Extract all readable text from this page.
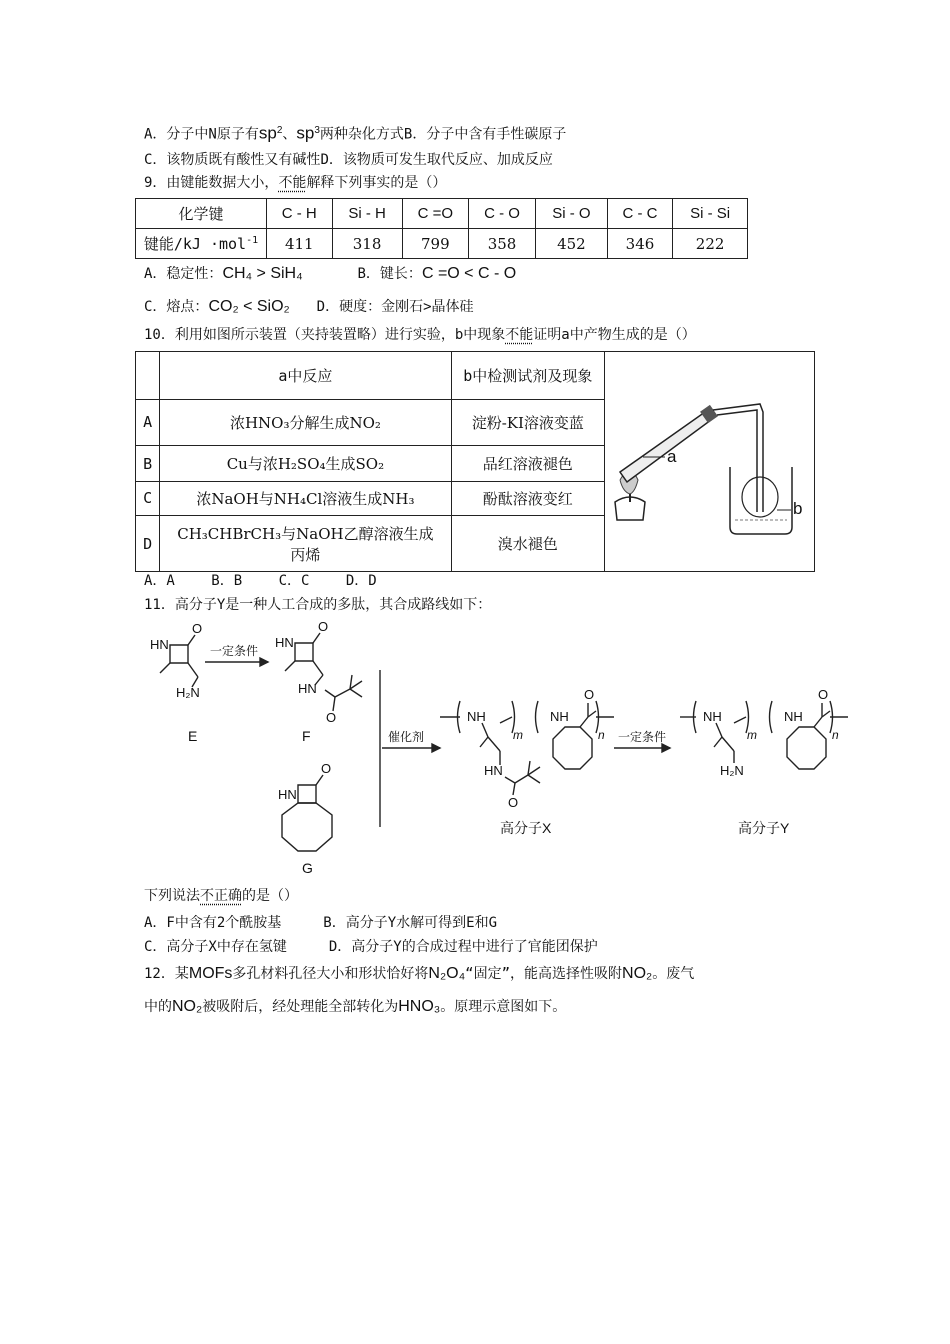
A．分子中N原子有$sp^2$、$sp^3$两种杂化方式B．分子中含有手性碳原子
C．该物质既有酸性又有碱性D．该物质可发生取代反应、加成反应
9．由键能数据大小，不能解释下列事实的是（）
化学键	C - H	Si - H	C =O	C - O	Si - O	C - C	Si - Si
键能/kJ ·mol$^{-1}$	411	318	799	358	452	346	222
A．稳定性：CH₄ > SiH₄	B．键长：C =O < C - O
C．熔点：CO₂ < SiO₂ D．硬度：金刚石>晶体硅
10．利用如图所示装置（夹持装置略）进行实验，b中现象不能证明a中产物生成的是（）
	a中反应	b中检测试剂及现象	a
b

A	浓HNO₃分解生成NO₂	淀粉-KI溶液变蓝	
B	Cu与浓H₂SO₄生成SO₂	品红溶液褪色	
C	浓NaOH与NH₄Cl溶液生成NH₃	酚酞溶液变红	
D	CH₃CHBrCH₃与NaOH乙醇溶液生成丙烯	溴水褪色	
A．A　　 B．B　　 C．C　　 D．D
11．高分子Y是一种人工合成的多肽，其合成路线如下：
HN
O
H₂N
一定条件
HN
O
HN
O
催化剂
HN
O
E	F
G
NH
m
NH
O
n
HN
O
一定条件
NH
m
NH
O
n
H₂N
高分子X	高分子Y
下列说法不正确的是（）
A．F中含有2个酰胺基	B．高分子Y水解可得到E和G
C．高分子X中存在氢键	D．高分子Y的合成过程中进行了官能团保护
12．某MOFs多孔材料孔径大小和形状恰好将N₂O₄“固定”，能高选择性吸附NO₂。废气
中的NO₂被吸附后，经处理能全部转化为HNO₃。原理示意图如下。
